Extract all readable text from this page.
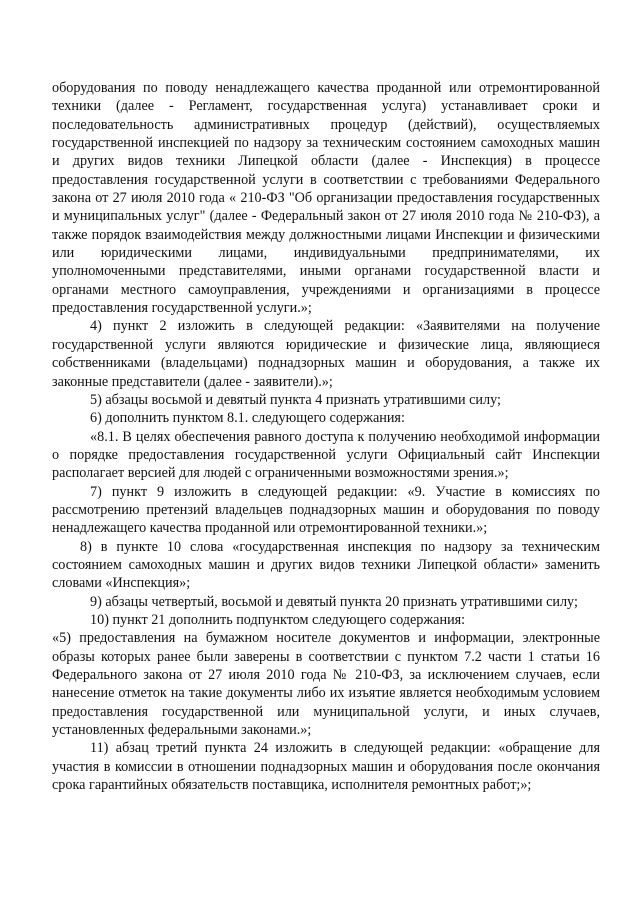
оборудования по поводу ненадлежащего качества проданной или отремонтированной техники (далее - Регламент, государственная услуга) устанавливает сроки и последовательность административных процедур (действий), осуществляемых государственной инспекцией по надзору за техническим состоянием самоходных машин и других видов техники Липецкой области (далее - Инспекция) в процессе предоставления государственной услуги в соответствии с требованиями Федерального закона от 27 июля 2010 года « 210-ФЗ "Об организации предоставления государственных и муниципальных услуг" (далее - Федеральный закон от 27 июля 2010 года № 210-ФЗ), а также порядок взаимодействия между должностными лицами Инспекции и физическими или юридическими лицами, индивидуальными предпринимателями, их уполномоченными представителями, иными органами государственной власти и органами местного самоуправления, учреждениями и организациями в процессе предоставления государственной услуги.»;

4) пункт 2 изложить в следующей редакции: «Заявителями на получение государственной услуги являются юридические и физические лица, являющиеся собственниками (владельцами) поднадзорных машин и оборудования, а также их законные представители (далее - заявители).»;

5) абзацы восьмой и девятый пункта 4 признать утратившими силу;

6) дополнить пунктом 8.1. следующего содержания:

«8.1. В целях обеспечения равного доступа к получению необходимой информации о порядке предоставления государственной услуги Официальный сайт Инспекции располагает версией для людей с ограниченными возможностями зрения.»;

7) пункт 9 изложить в следующей редакции: «9. Участие в комиссиях по рассмотрению претензий владельцев поднадзорных машин и оборудования по поводу ненадлежащего качества проданной или отремонтированной техники.»;

8) в пункте 10 слова «государственная инспекция по надзору за техническим состоянием самоходных машин и других видов техники Липецкой области» заменить словами «Инспекция»;

9) абзацы четвертый, восьмой и девятый пункта 20 признать утратившими силу;

10) пункт 21 дополнить подпунктом следующего содержания:

«5) предоставления на бумажном носителе документов и информации, электронные образы которых ранее были заверены в соответствии с пунктом 7.2 части 1 статьи 16 Федерального закона от 27 июля 2010 года № 210-ФЗ, за исключением случаев, если нанесение отметок на такие документы либо их изъятие является необходимым условием предоставления государственной или муниципальной услуги, и иных случаев, установленных федеральными законами.»;

11) абзац третий пункта 24 изложить в следующей редакции: «обращение для участия в комиссии в отношении поднадзорных машин и оборудования после окончания срока гарантийных обязательств поставщика, исполнителя ремонтных работ;»;
